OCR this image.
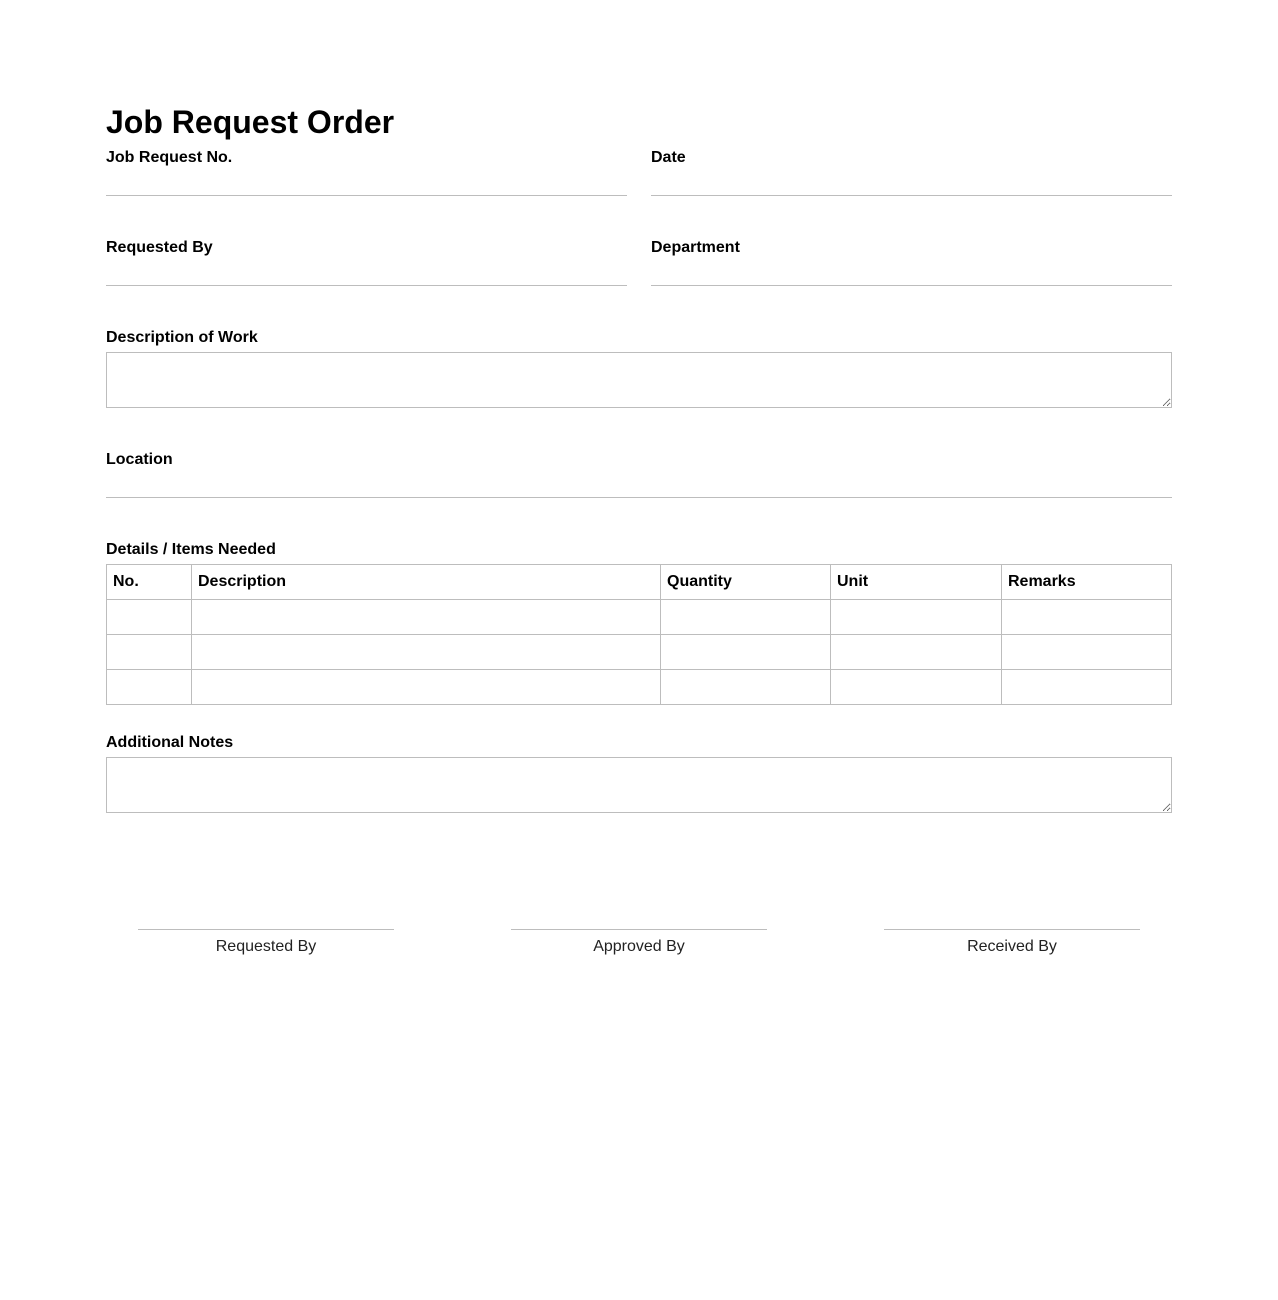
Job Request Order
Job Request No.	Date
Requested By	Department
Description of Work
Location
Details / Items Needed
No.	Description	Quantity	Unit	Remarks

Additional Notes
Requested By	Approved By	Received By
